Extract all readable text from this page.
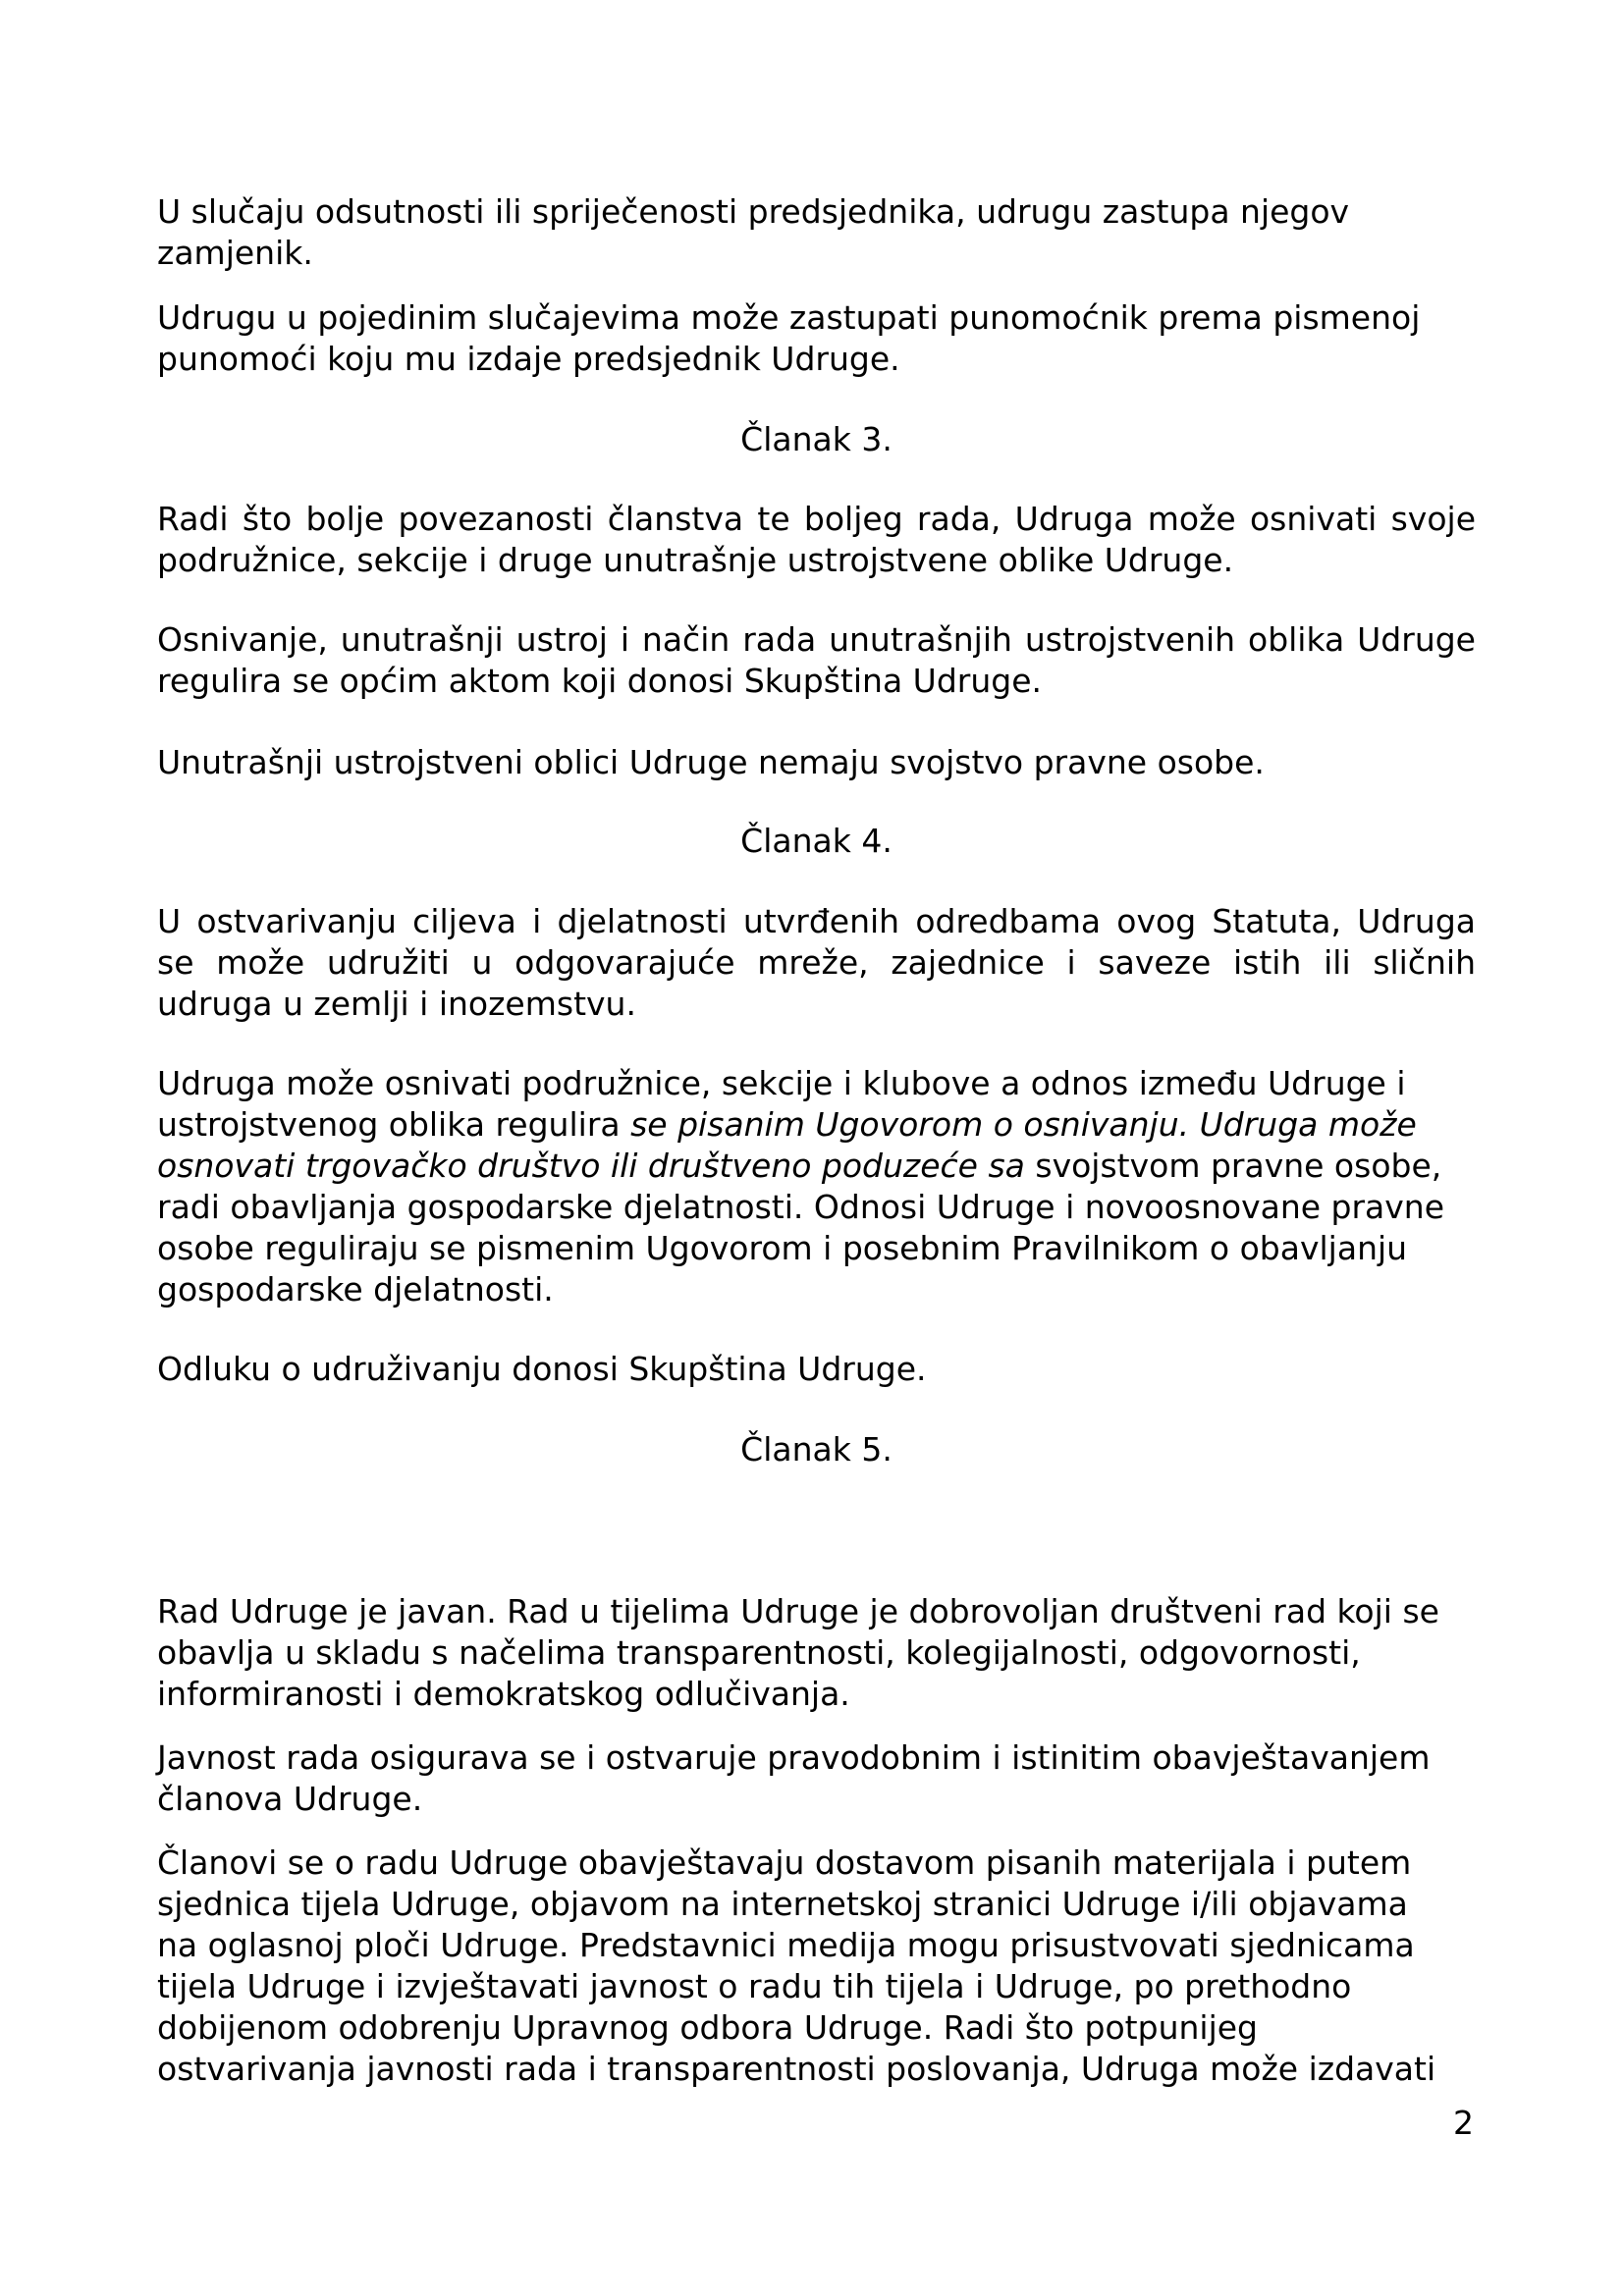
U slučaju odsutnosti ili spriječenosti predsjednika, udrugu zastupa njegov
zamjenik.

Udrugu u pojedinim slučajevima može zastupati punomoćnik prema pismenoj
punomoći koju mu izdaje predsjednik Udruge.

Članak 3.

Radi što bolje povezanosti članstva te boljeg rada, Udruga može osnivati svoje
podružnice, sekcije i druge unutrašnje ustrojstvene oblike Udruge.

Osnivanje, unutrašnji ustroj i način rada unutrašnjih ustrojstvenih oblika Udruge
regulira se općim aktom koji donosi Skupština Udruge.

Unutrašnji ustrojstveni oblici Udruge nemaju svojstvo pravne osobe.

Članak 4.

U ostvarivanju ciljeva i djelatnosti utvrđenih odredbama ovog Statuta, Udruga
se može udružiti u odgovarajuće mreže, zajednice i saveze istih ili sličnih
udruga u zemlji i inozemstvu.

Udruga može osnivati podružnice, sekcije i klubove a odnos između Udruge i
ustrojstvenog oblika regulira se pisanim Ugovorom o osnivanju. Udruga može
osnovati trgovačko društvo ili društveno poduzeće sa svojstvom pravne osobe,
radi obavljanja gospodarske djelatnosti. Odnosi Udruge i novoosnovane pravne
osobe reguliraju se pismenim Ugovorom i posebnim Pravilnikom o obavljanju
gospodarske djelatnosti.

Odluku o udruživanju donosi Skupština Udruge.

Članak 5.

Rad Udruge je javan. Rad u tijelima Udruge je dobrovoljan društveni rad koji se
obavlja u skladu s načelima transparentnosti, kolegijalnosti, odgovornosti,
informiranosti i demokratskog odlučivanja.

Javnost rada osigurava se i ostvaruje pravodobnim i istinitim obavještavanjem
članova Udruge.

Članovi se o radu Udruge obavještavaju dostavom pisanih materijala i putem
sjednica tijela Udruge, objavom na internetskoj stranici Udruge i/ili objavama
na oglasnoj ploči Udruge. Predstavnici medija mogu prisustvovati sjednicama
tijela Udruge i izvještavati javnost o radu tih tijela i Udruge, po prethodno
dobijenom odobrenju Upravnog odbora Udruge. Radi što potpunijeg
ostvarivanja javnosti rada i transparentnosti poslovanja, Udruga može izdavati

2
